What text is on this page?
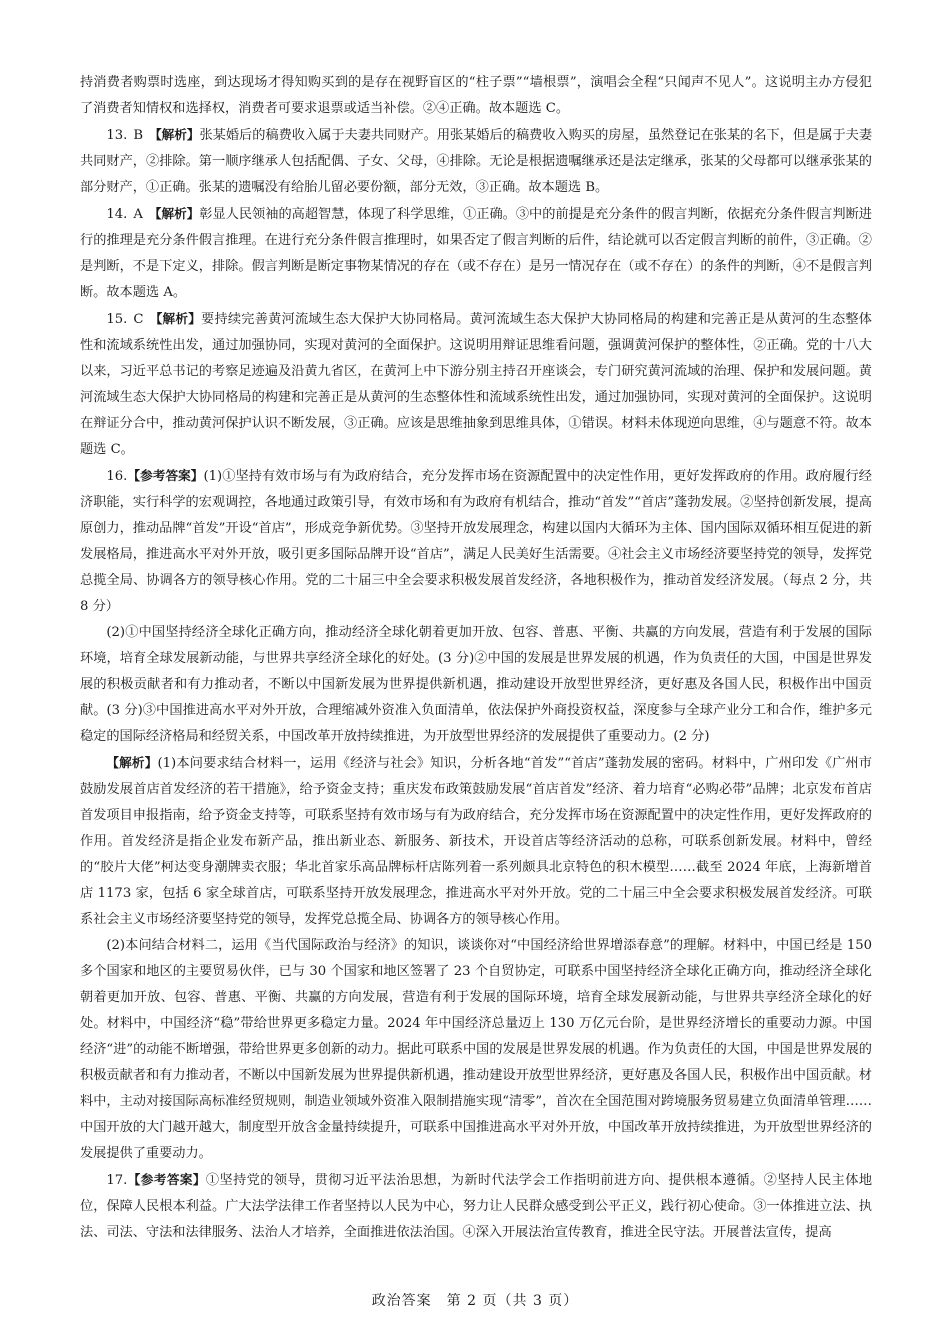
持消费者购票时选座，到达现场才得知购买到的是存在视野盲区的“柱子票”“墙根票”，演唱会全程“只闻声不见人”。这说明主办方侵犯了消费者知情权和选择权，消费者可要求退票或适当补偿。②④正确。故本题选 C。

13. B 【解析】张某婚后的稿费收入属于夫妻共同财产。用张某婚后的稿费收入购买的房屋，虽然登记在张某的名下，但是属于夫妻共同财产，②排除。第一顺序继承人包括配偶、子女、父母，④排除。无论是根据遗嘱继承还是法定继承，张某的父母都可以继承张某的部分财产，①正确。张某的遗嘱没有给胎儿留必要份额，部分无效，③正确。故本题选 B。

14. A 【解析】彰显人民领袖的高超智慧，体现了科学思维，①正确。③中的前提是充分条件的假言判断，依据充分条件假言判断进行的推理是充分条件假言推理。在进行充分条件假言推理时，如果否定了假言判断的后件，结论就可以否定假言判断的前件，③正确。②是判断，不是下定义，排除。假言判断是断定事物某情况的存在（或不存在）是另一情况存在（或不存在）的条件的判断，④不是假言判断。故本题选 A。

15. C 【解析】要持续完善黄河流域生态大保护大协同格局。黄河流域生态大保护大协同格局的构建和完善正是从黄河的生态整体性和流域系统性出发，通过加强协同，实现对黄河的全面保护。这说明用辩证思维看问题，强调黄河保护的整体性，②正确。党的十八大以来，习近平总书记的考察足迹遍及沿黄九省区，在黄河上中下游分别主持召开座谈会，专门研究黄河流域的治理、保护和发展问题。黄河流域生态大保护大协同格局的构建和完善正是从黄河的生态整体性和流域系统性出发，通过加强协同，实现对黄河的全面保护。这说明在辩证分合中，推动黄河保护认识不断发展，③正确。应该是思维抽象到思维具体，①错误。材料未体现逆向思维，④与题意不符。故本题选 C。

16.【参考答案】(1)①坚持有效市场与有为政府结合，充分发挥市场在资源配置中的决定性作用，更好发挥政府的作用。政府履行经济职能，实行科学的宏观调控，各地通过政策引导，有效市场和有为政府有机结合，推动“首发”“首店”蓬勃发展。②坚持创新发展，提高原创力，推动品牌“首发”开设“首店”，形成竞争新优势。③坚持开放发展理念，构建以国内大循环为主体、国内国际双循环相互促进的新发展格局，推进高水平对外开放，吸引更多国际品牌开设“首店”，满足人民美好生活需要。④社会主义市场经济要坚持党的领导，发挥党总揽全局、协调各方的领导核心作用。党的二十届三中全会要求积极发展首发经济，各地积极作为，推动首发经济发展。（每点 2 分，共 8 分）

(2)①中国坚持经济全球化正确方向，推动经济全球化朝着更加开放、包容、普惠、平衡、共赢的方向发展，营造有利于发展的国际环境，培育全球发展新动能，与世界共享经济全球化的好处。(3 分)②中国的发展是世界发展的机遇，作为负责任的大国，中国是世界发展的积极贡献者和有力推动者，不断以中国新发展为世界提供新机遇，推动建设开放型世界经济，更好惠及各国人民，积极作出中国贡献。(3 分)③中国推进高水平对外开放，合理缩减外资准入负面清单，依法保护外商投资权益，深度参与全球产业分工和合作，维护多元稳定的国际经济格局和经贸关系，中国改革开放持续推进，为开放型世界经济的发展提供了重要动力。(2 分)

【解析】(1)本问要求结合材料一，运用《经济与社会》知识，分析各地“首发”“首店”蓬勃发展的密码。材料中，广州印发《广州市鼓励发展首店首发经济的若干措施》，给予资金支持；重庆发布政策鼓励发展“首店首发”经济、着力培育“必购必带”品牌；北京发布首店首发项目申报指南，给予资金支持等，可联系坚持有效市场与有为政府结合，充分发挥市场在资源配置中的决定性作用，更好发挥政府的作用。首发经济是指企业发布新产品，推出新业态、新服务、新技术，开设首店等经济活动的总称，可联系创新发展。材料中，曾经的“胶片大佬”柯达变身潮牌卖衣服；华北首家乐高品牌标杆店陈列着一系列颇具北京特色的积木模型……截至 2024 年底，上海新增首店 1173 家，包括 6 家全球首店，可联系坚持开放发展理念，推进高水平对外开放。党的二十届三中全会要求积极发展首发经济。可联系社会主义市场经济要坚持党的领导，发挥党总揽全局、协调各方的领导核心作用。

(2)本问结合材料二，运用《当代国际政治与经济》的知识，谈谈你对“中国经济给世界增添春意”的理解。材料中，中国已经是 150 多个国家和地区的主要贸易伙伴，已与 30 个国家和地区签署了 23 个自贸协定，可联系中国坚持经济全球化正确方向，推动经济全球化朝着更加开放、包容、普惠、平衡、共赢的方向发展，营造有利于发展的国际环境，培育全球发展新动能，与世界共享经济全球化的好处。材料中，中国经济“稳”带给世界更多稳定力量。2024 年中国经济总量迈上 130 万亿元台阶，是世界经济增长的重要动力源。中国经济“进”的动能不断增强，带给世界更多创新的动力。据此可联系中国的发展是世界发展的机遇。作为负责任的大国，中国是世界发展的积极贡献者和有力推动者，不断以中国新发展为世界提供新机遇，推动建设开放型世界经济，更好惠及各国人民，积极作出中国贡献。材料中，主动对接国际高标准经贸规则，制造业领域外资准入限制措施实现“清零”，首次在全国范围对跨境服务贸易建立负面清单管理……中国开放的大门越开越大，制度型开放含金量持续提升，可联系中国推进高水平对外开放，中国改革开放持续推进，为开放型世界经济的发展提供了重要动力。

17.【参考答案】①坚持党的领导，贯彻习近平法治思想，为新时代法学会工作指明前进方向、提供根本遵循。②坚持人民主体地位，保障人民根本利益。广大法学法律工作者坚持以人民为中心，努力让人民群众感受到公平正义，践行初心使命。③一体推进立法、执法、司法、守法和法律服务、法治人才培养，全面推进依法治国。④深入开展法治宣传教育，推进全民守法。开展普法宣传，提高

政治答案　第 2 页（共 3 页）
